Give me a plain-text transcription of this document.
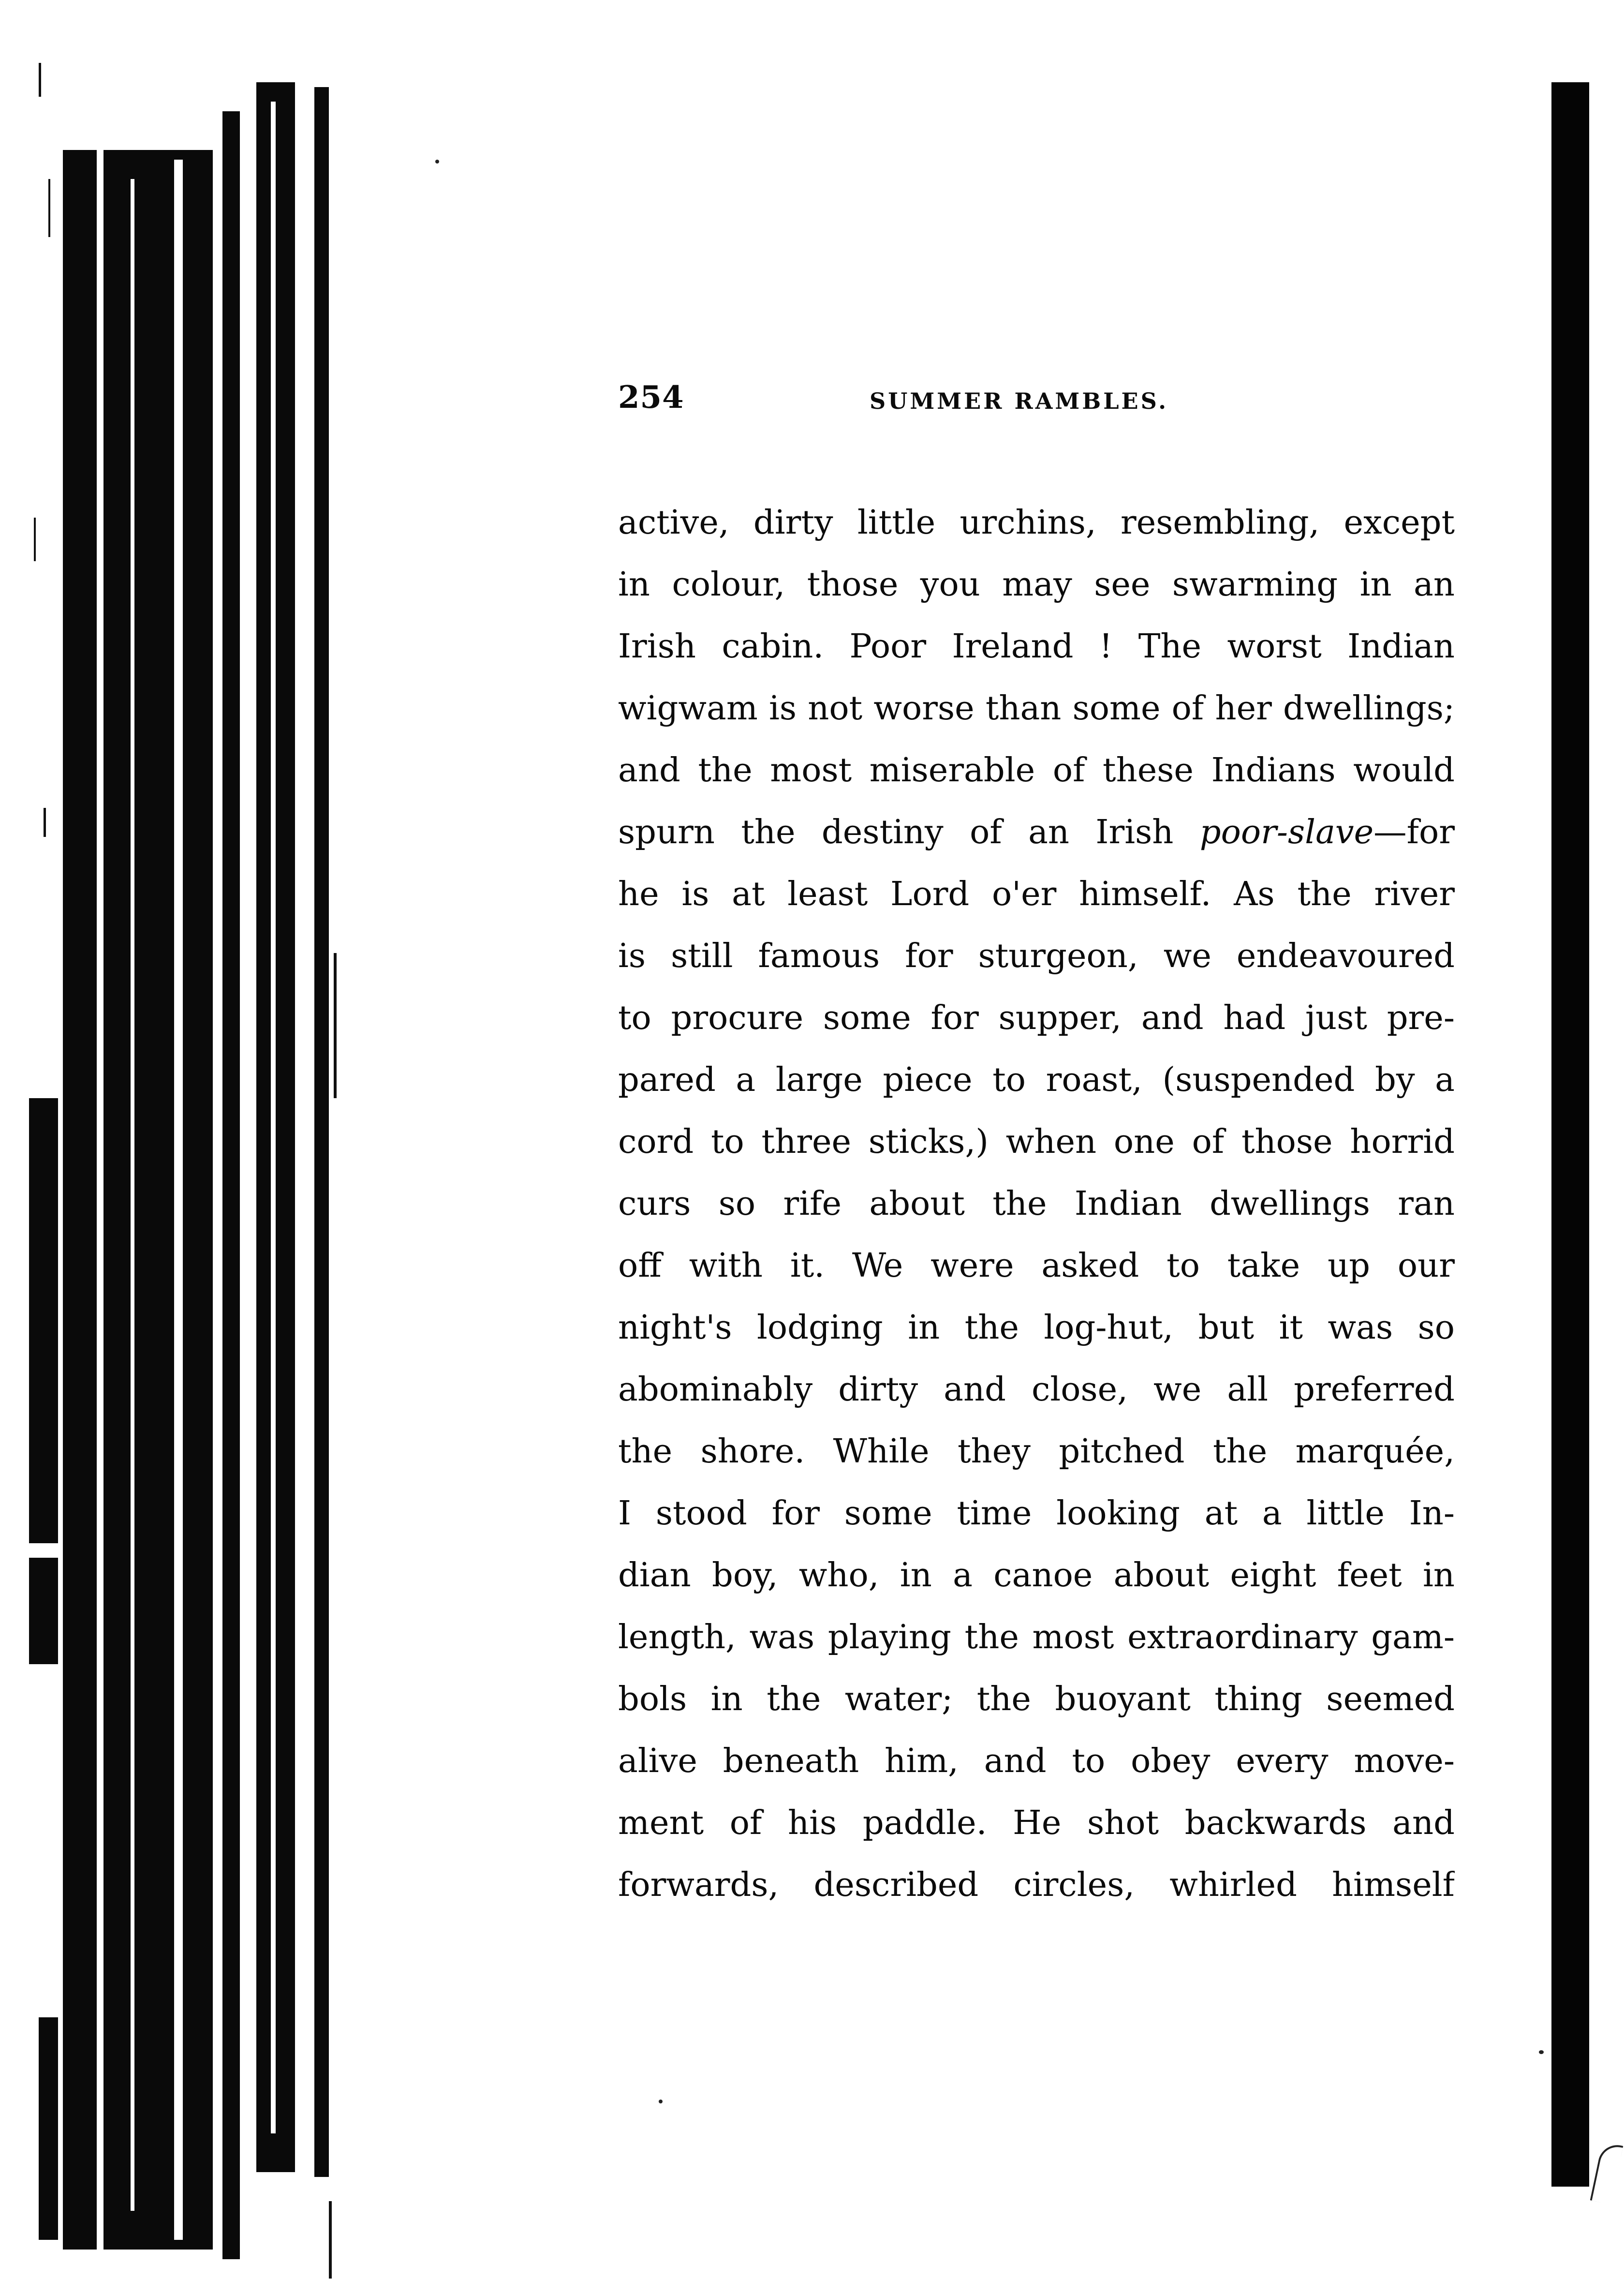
254	SUMMER RAMBLES.
active, dirty little urchins, resembling, except
in colour, those you may see swarming in an
Irish cabin. Poor Ireland ! The worst Indian
wigwam is not worse than some of her dwellings;
and the most miserable of these Indians would
spurn the destiny of an Irish poor-slave—for
he is at least Lord o'er himself. As the river
is still famous for sturgeon, we endeavoured
to procure some for supper, and had just pre-
pared a large piece to roast, (suspended by a
cord to three sticks,) when one of those horrid
curs so rife about the Indian dwellings ran
off with it. We were asked to take up our
night's lodging in the log-hut, but it was so
abominably dirty and close, we all preferred
the shore. While they pitched the marquée,
I stood for some time looking at a little In-
dian boy, who, in a canoe about eight feet in
length, was playing the most extraordinary gam-
bols in the water; the buoyant thing seemed
alive beneath him, and to obey every move-
ment of his paddle. He shot backwards and
forwards, described circles, whirled himself
